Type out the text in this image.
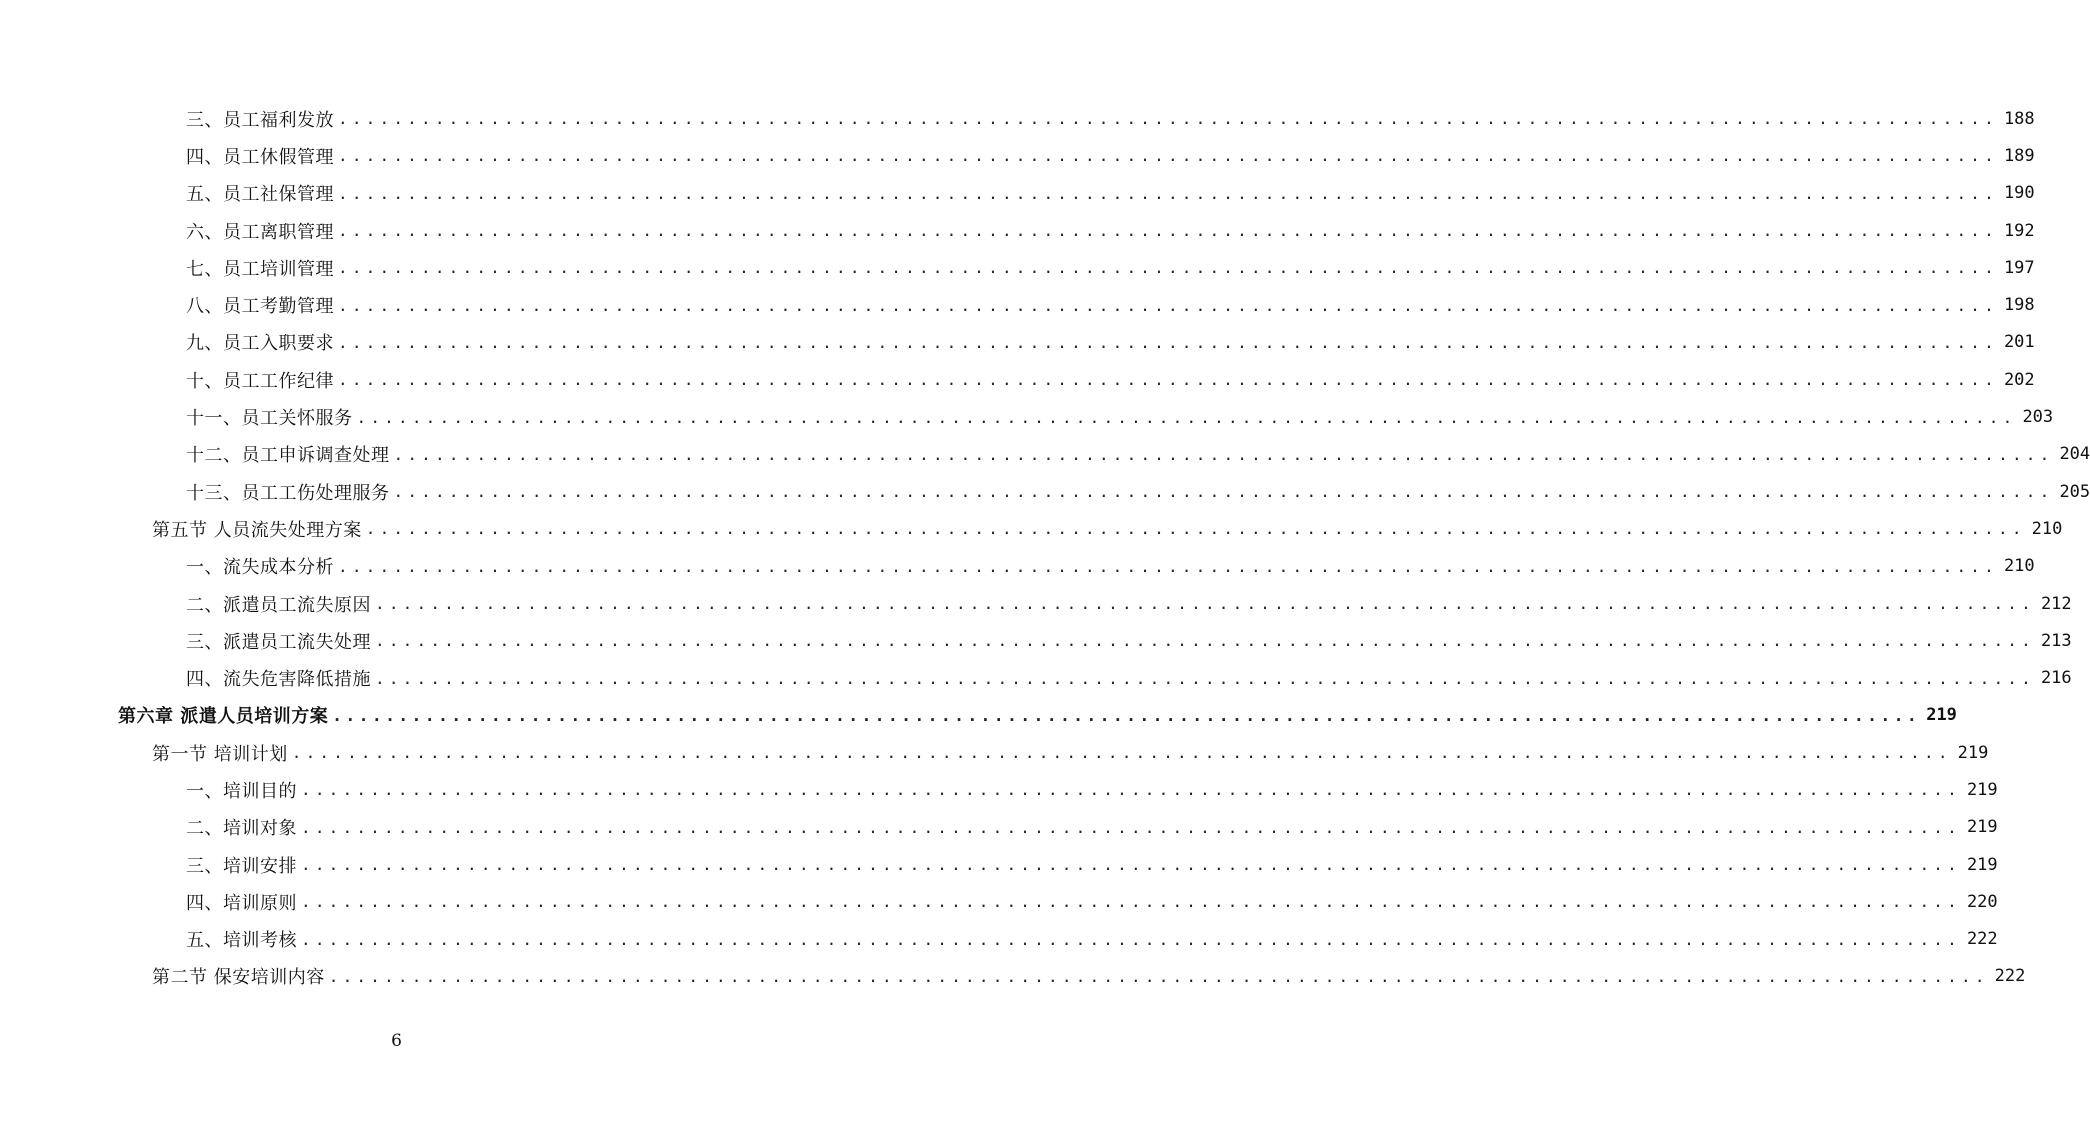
三、员工福利发放 ........................................................................................................................ 188
四、员工休假管理 ........................................................................................................................ 189
五、员工社保管理 ........................................................................................................................ 190
六、员工离职管理 ........................................................................................................................ 192
七、员工培训管理 ........................................................................................................................ 197
八、员工考勤管理 ........................................................................................................................ 198
九、员工入职要求 ........................................................................................................................ 201
十、员工工作纪律 ........................................................................................................................ 202
十一、员工关怀服务 ........................................................................................................................ 203
十二、员工申诉调查处理 ........................................................................................................................ 204
十三、员工工伤处理服务 ........................................................................................................................ 205
第五节 人员流失处理方案 ........................................................................................................................ 210
一、流失成本分析 ........................................................................................................................ 210
二、派遣员工流失原因 ........................................................................................................................ 212
三、派遣员工流失处理 ........................................................................................................................ 213
四、流失危害降低措施 ........................................................................................................................ 216
第六章 派遣人员培训方案 ........................................................................................................................ 219
第一节 培训计划 ........................................................................................................................ 219
一、培训目的 ........................................................................................................................ 219
二、培训对象 ........................................................................................................................ 219
三、培训安排 ........................................................................................................................ 219
四、培训原则 ........................................................................................................................ 220
五、培训考核 ........................................................................................................................ 222
第二节 保安培训内容 ........................................................................................................................ 222
6
